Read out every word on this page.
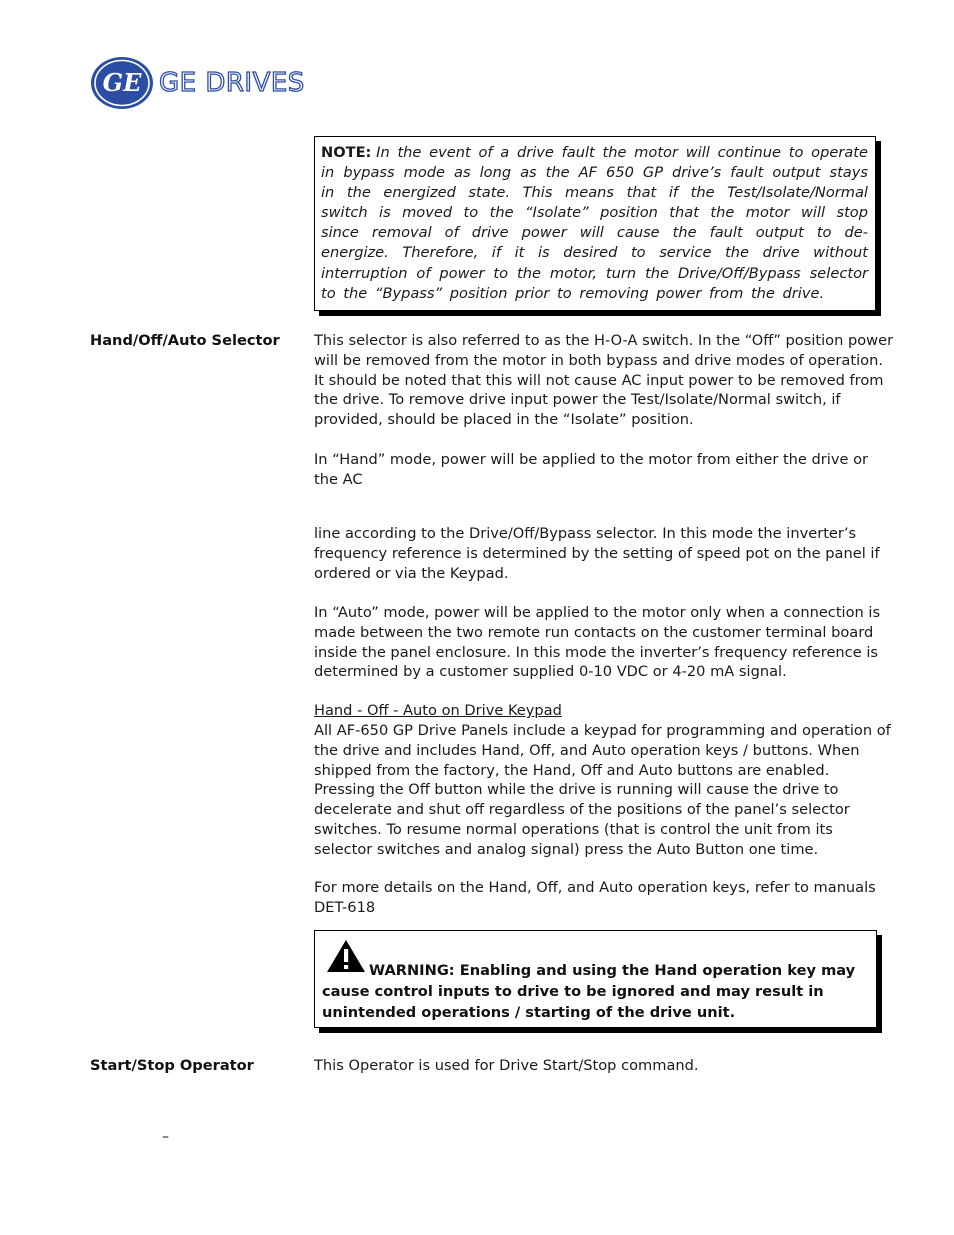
GE GE DRIVES
NOTE: In the event of a drive fault the motor will continue to operate in bypass mode as long as the AF 650 GP drive’s fault output stays in the energized state. This means that if the Test/Isolate/Normal switch is moved to the “Isolate” position that the motor will stop since removal of drive power will cause the fault output to de-energize. Therefore, if it is desired to service the drive without interruption of power to the motor, turn the Drive/Off/Bypass selector to the “Bypass” position prior to removing power from the drive.
Hand/Off/Auto Selector This selector is also referred to as the H-O-A switch. In the “Off” position power will be removed from the motor in both bypass and drive modes of operation. It should be noted that this will not cause AC input power to be removed from the drive. To remove drive input power the Test/Isolate/Normal switch, if provided, should be placed in the “Isolate” position.
In “Hand” mode, power will be applied to the motor from either the drive or the AC
line according to the Drive/Off/Bypass selector. In this mode the inverter’s frequency reference is determined by the setting of speed pot on the panel if ordered or via the Keypad.
In “Auto” mode, power will be applied to the motor only when a connection is made between the two remote run contacts on the customer terminal board inside the panel enclosure. In this mode the inverter’s frequency reference is determined by a customer supplied 0-10 VDC or 4-20 mA signal.
Hand - Off - Auto on Drive Keypad
All AF-650 GP Drive Panels include a keypad for programming and operation of the drive and includes Hand, Off, and Auto operation keys / buttons. When shipped from the factory, the Hand, Off and Auto buttons are enabled. Pressing the Off button while the drive is running will cause the drive to decelerate and shut off regardless of the positions of the panel’s selector switches. To resume normal operations (that is control the unit from its selector switches and analog signal) press the Auto Button one time.
For more details on the Hand, Off, and Auto operation keys, refer to manuals DET-618
WARNING: Enabling and using the Hand operation key may cause control inputs to drive to be ignored and may result in unintended operations / starting of the drive unit.
Start/Stop Operator	This Operator is used for Drive Start/Stop command.
–
